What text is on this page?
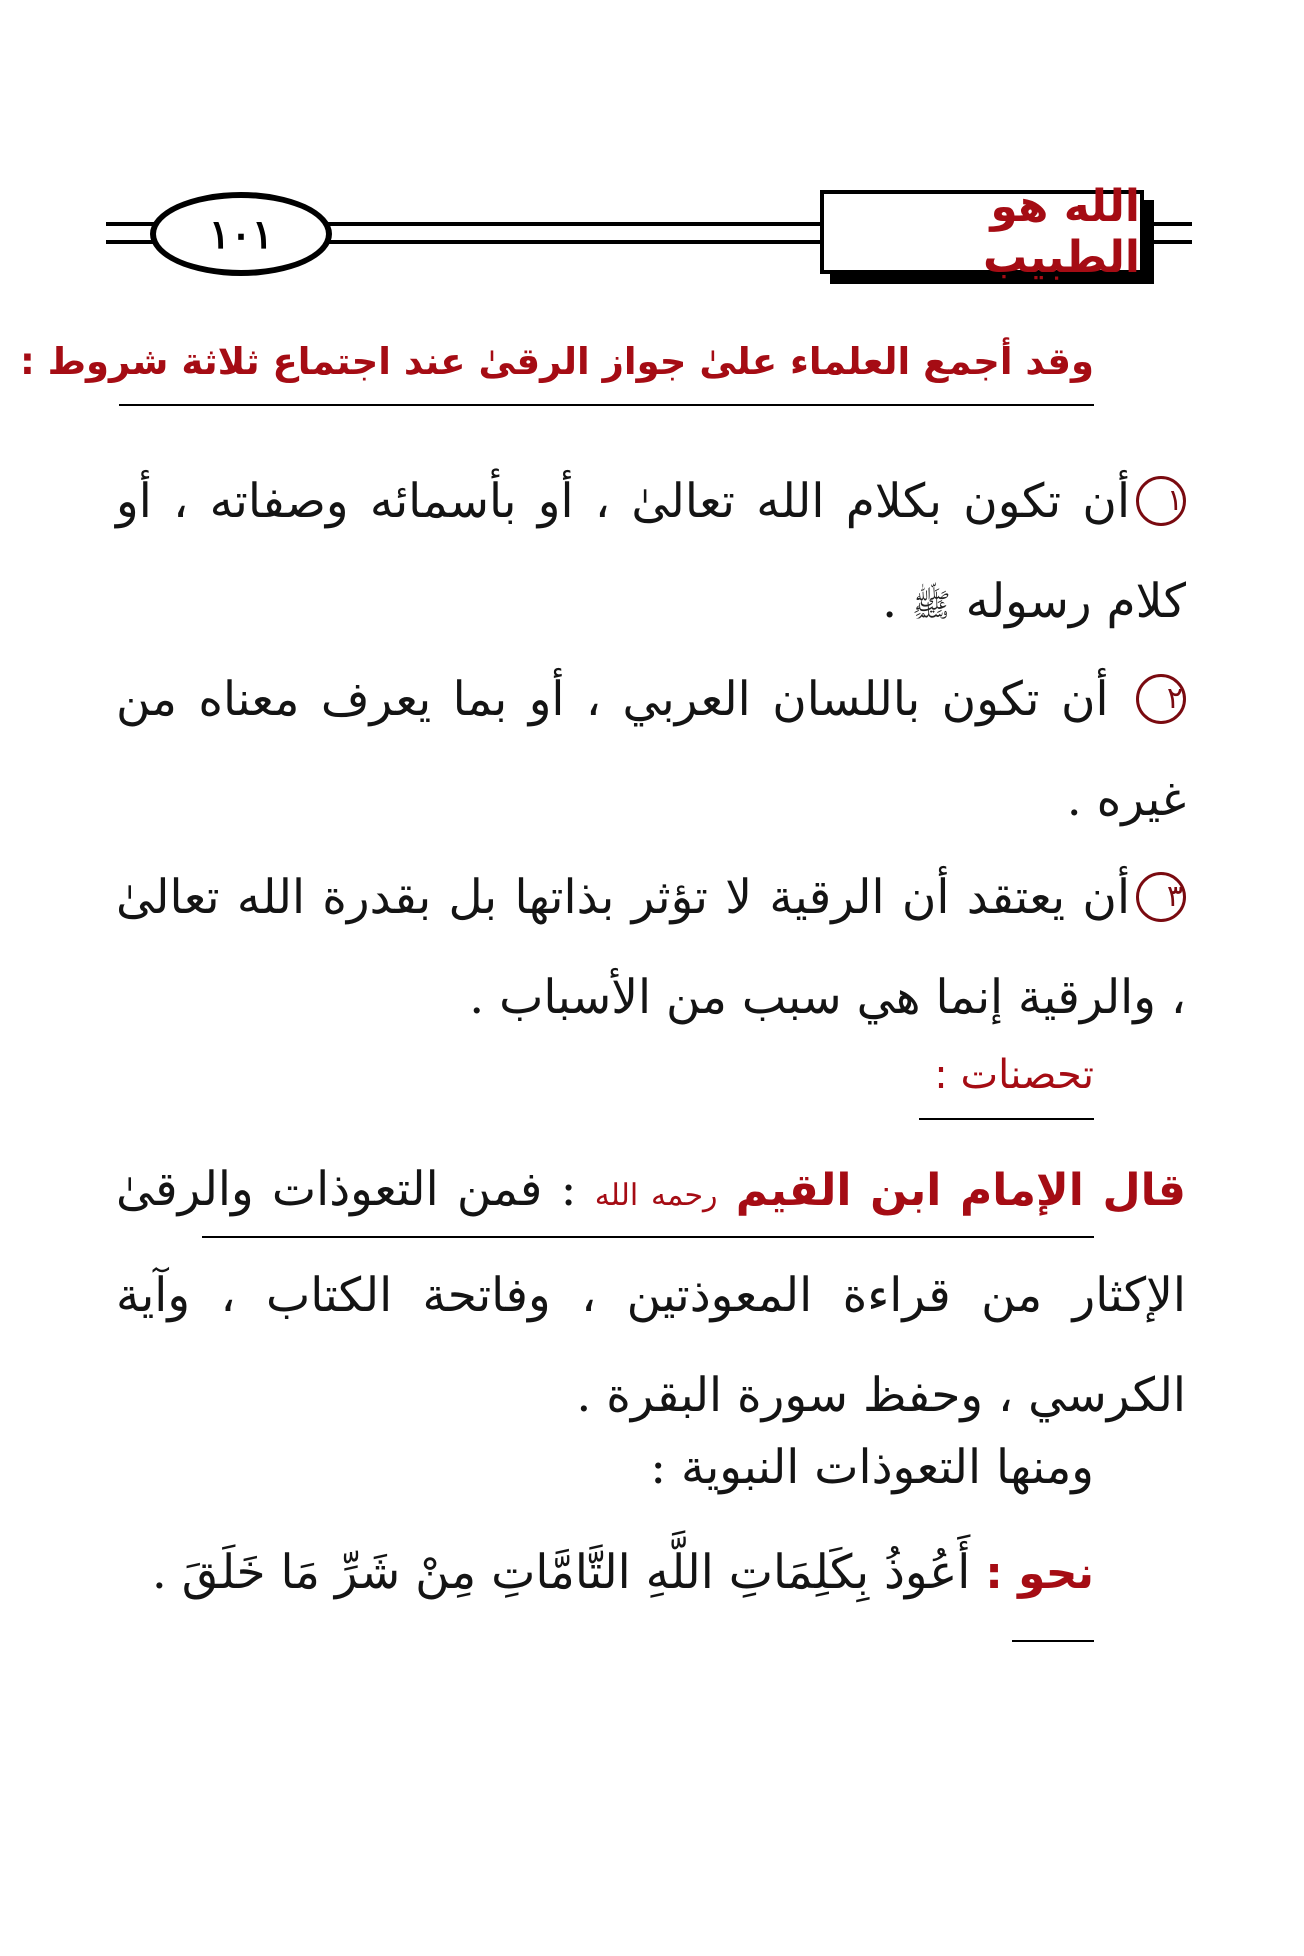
١٠١
الله هو الطبيب
وقد أجمع العلماء علىٰ جواز الرقىٰ عند اجتماع ثلاثة شروط :
١أن تكون بكلام الله تعالىٰ ، أو بأسمائه وصفاته ، أو كلام رسوله ﷺ .
٢ أن تكون باللسان العربي ، أو بما يعرف معناه من غيره .
٣أن يعتقد أن الرقية لا تؤثر بذاتها بل بقدرة الله تعالىٰ ، والرقية إنما هي سبب من الأسباب .
تحصنات :
قال الإمام ابن القيم رحمه الله : فمن التعوذات والرقىٰ الإكثار من قراءة المعوذتين ، وفاتحة الكتاب ، وآية الكرسي ، وحفظ سورة البقرة .
ومنها التعوذات النبوية :
نحو : أَعُوذُ بِكَلِمَاتِ اللَّهِ التَّامَّاتِ مِنْ شَرِّ مَا خَلَقَ .
